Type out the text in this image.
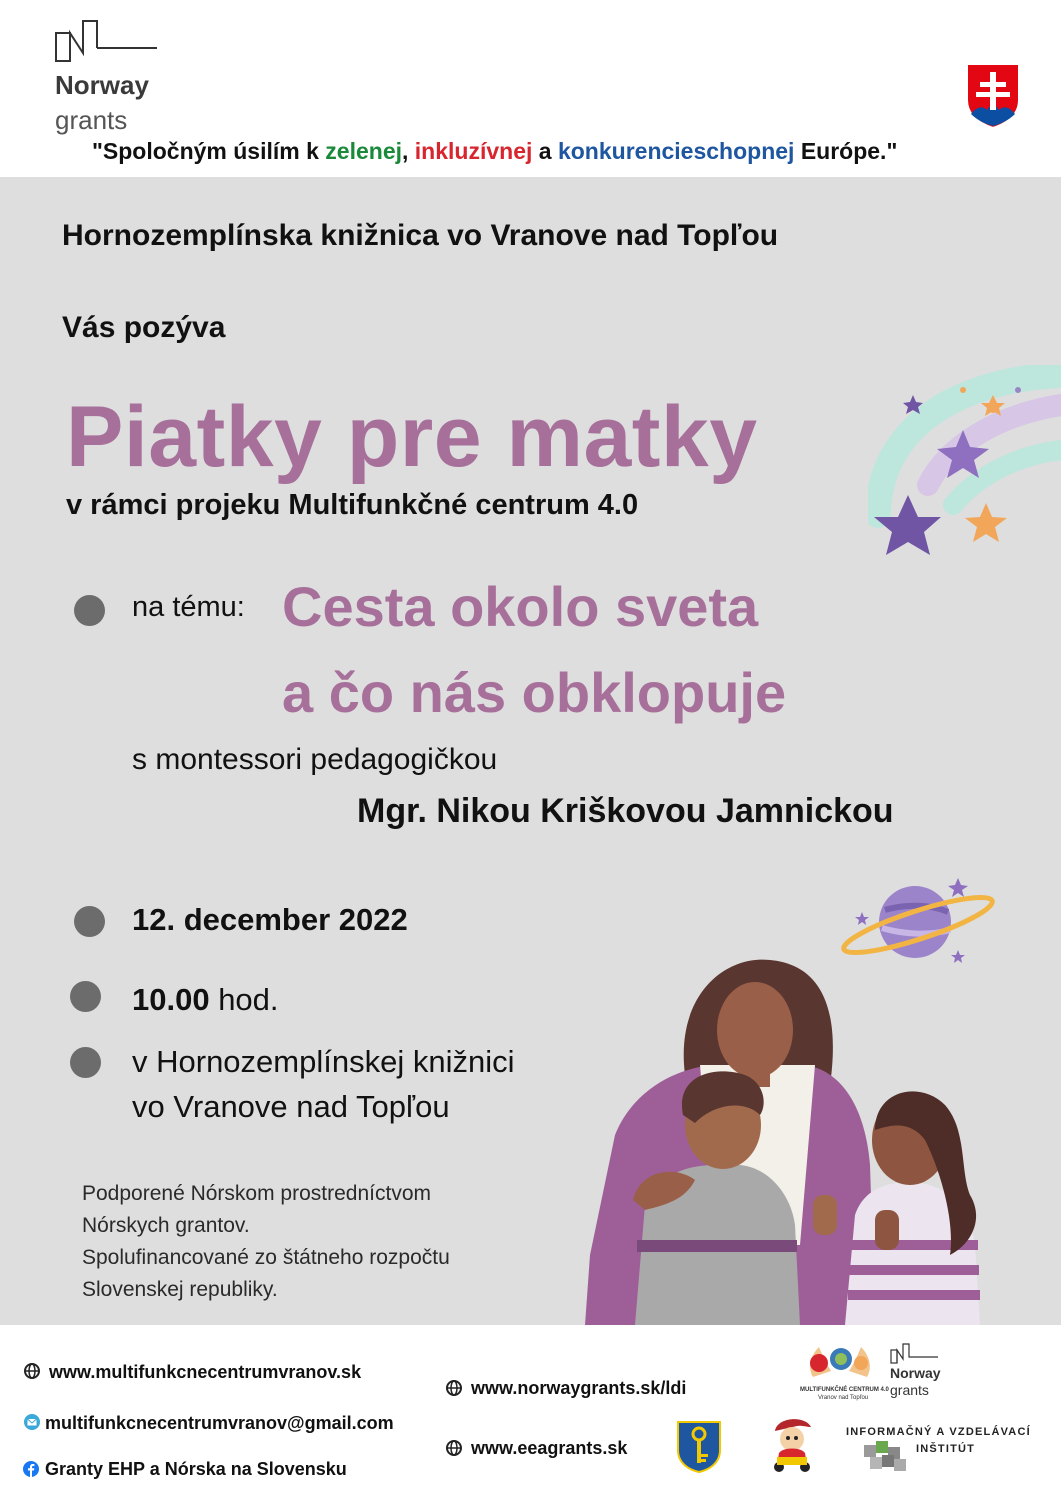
Norway
grants
"Spoločným úsilím k zelenej, inkluzívnej a konkurencieschopnej Európe."
Hornozemplínska knižnica vo Vranove nad Topľou
Vás pozýva
Piatky pre matky
v rámci projeku Multifunkčné centrum 4.0
na tému: Cesta okolo sveta
a čo nás obklopuje
s montessori pedagogičkou
Mgr. Nikou Kriškovou Jamnickou
12. december 2022
10.00 hod.
v Hornozemplínskej knižnici
vo Vranove nad Topľou
Podporené Nórskom prostredníctvom
Nórskych grantov.
Spolufinancované zo štátneho rozpočtu
Slovenskej republiky.
www.multifunkcnecentrumvranov.sk
multifunkcnecentrumvranov@gmail.com
Granty EHP a Nórska na Slovensku
www.norwaygrants.sk/ldi
www.eeagrants.sk
MULTIFUNKČNÉ CENTRUM 4.0
Vranov nad Topľou
Norway
grants
INFORMAČNÝ A VZDELÁVACÍ
INŠTITÚT
